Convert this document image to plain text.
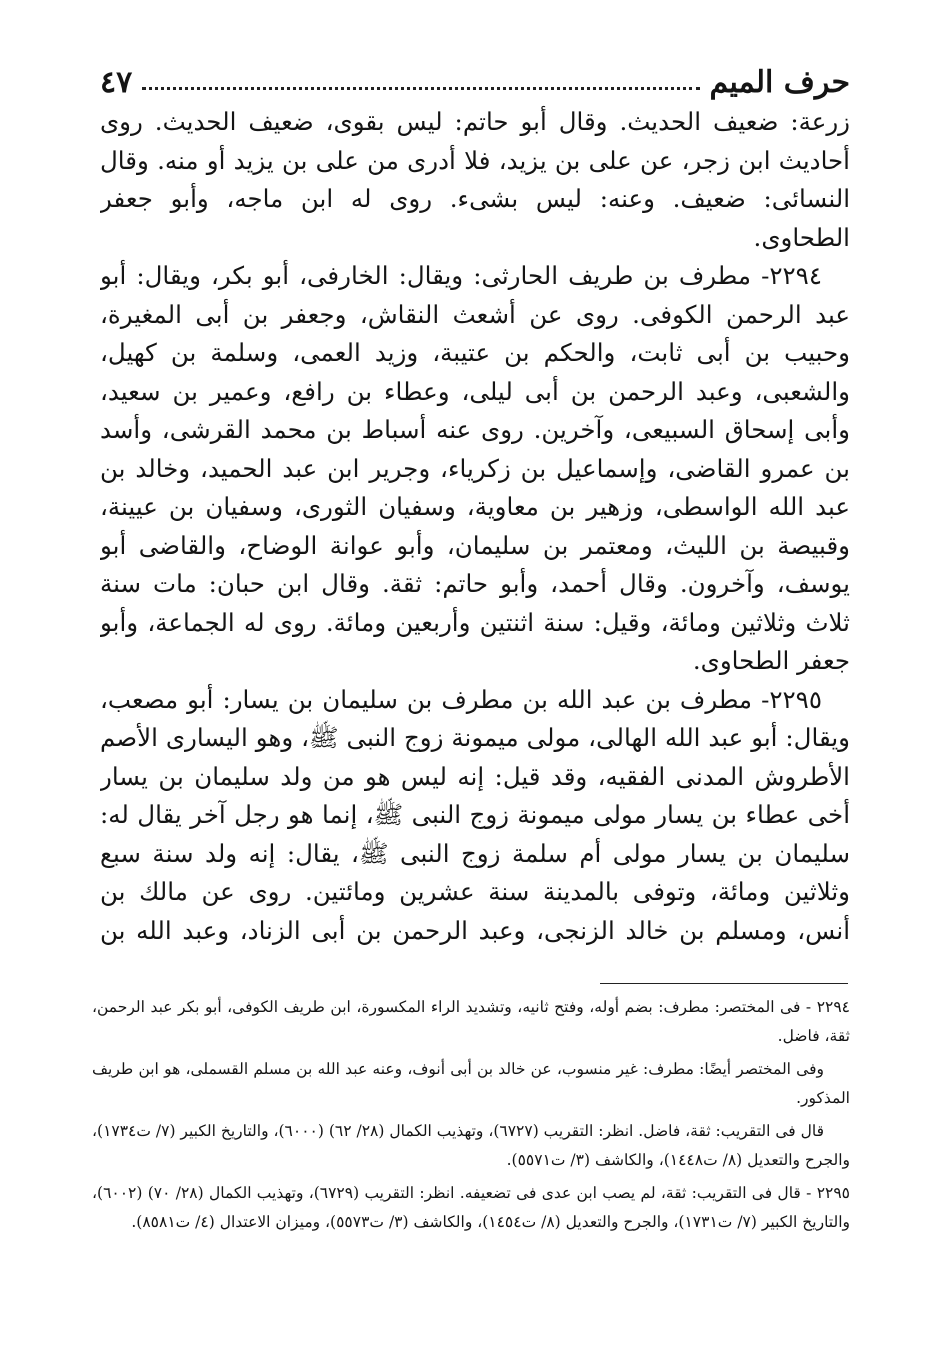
حرف الميم
٤٧

زرعة: ضعيف الحديث. وقال أبو حاتم: ليس بقوى، ضعيف الحديث. روى أحاديث ابن زجر، عن على بن يزيد، فلا أدرى من على بن يزيد أو منه. وقال النسائى: ضعيف. وعنه: ليس بشىء. روى له ابن ماجه، وأبو جعفر الطحاوى.

٢٢٩٤- مطرف بن طريف الحارثى: ويقال: الخارفى، أبو بكر، ويقال: أبو عبد الرحمن الكوفى. روى عن أشعث النقاش، وجعفر بن أبى المغيرة، وحبيب بن أبى ثابت، والحكم بن عتيبة، وزيد العمى، وسلمة بن كهيل، والشعبى، وعبد الرحمن بن أبى ليلى، وعطاء بن رافع، وعمير بن سعيد، وأبى إسحاق السبيعى، وآخرين. روى عنه أسباط بن محمد القرشى، وأسد بن عمرو القاضى، وإسماعيل بن زكرياء، وجرير ابن عبد الحميد، وخالد بن عبد الله الواسطى، وزهير بن معاوية، وسفيان الثورى، وسفيان بن عيينة، وقبيصة بن الليث، ومعتمر بن سليمان، وأبو عوانة الوضاح، والقاضى أبو يوسف، وآخرون. وقال أحمد، وأبو حاتم: ثقة. وقال ابن حبان: مات سنة ثلاث وثلاثين ومائة، وقيل: سنة اثنتين وأربعين ومائة. روى له الجماعة، وأبو جعفر الطحاوى.

٢٢٩٥- مطرف بن عبد الله بن مطرف بن سليمان بن يسار: أبو مصعب، ويقال: أبو عبد الله الهالى، مولى ميمونة زوج النبى ﷺ، وهو اليسارى الأصم الأطروش المدنى الفقيه، وقد قيل: إنه ليس هو من ولد سليمان بن يسار أخى عطاء بن يسار مولى ميمونة زوج النبى ﷺ، إنما هو رجل آخر يقال له: سليمان بن يسار مولى أم سلمة زوج النبى ﷺ، يقال: إنه ولد سنة سبع وثلاثين ومائة، وتوفى بالمدينة سنة عشرين ومائتين. روى عن مالك بن أنس، ومسلم بن خالد الزنجى، وعبد الرحمن بن أبى الزناد، وعبد الله بن

٢٢٩٤ - فى المختصر: مطرف: بضم أوله، وفتح ثانيه، وتشديد الراء المكسورة، ابن طريف الكوفى، أبو بكر عبد الرحمن، ثقة، فاضل.

وفى المختصر أيضًا: مطرف: غير منسوب، عن خالد بن أبى أنوف، وعنه عبد الله بن مسلم القسملى، هو ابن طريف المذكور.

قال فى التقريب: ثقة، فاضل. انظر: التقريب (٦٧٢٧)، وتهذيب الكمال (٢٨/ ٦٢) (٦٠٠٠)، والتاريخ الكبير (٧/ ت١٧٣٤)، والجرح والتعديل (٨/ ت١٤٤٨)، والكاشف (٣/ ت٥٥٧١).

٢٢٩٥ - قال فى التقريب: ثقة، لم يصب ابن عدى فى تضعيفه. انظر: التقريب (٦٧٢٩)، وتهذيب الكمال (٢٨/ ٧٠) (٦٠٠٢)، والتاريخ الكبير (٧/ ت١٧٣١)، والجرح والتعديل (٨/ ت١٤٥٤)، والكاشف (٣/ ت٥٥٧٣)، وميزان الاعتدال (٤/ ت٨٥٨١).
